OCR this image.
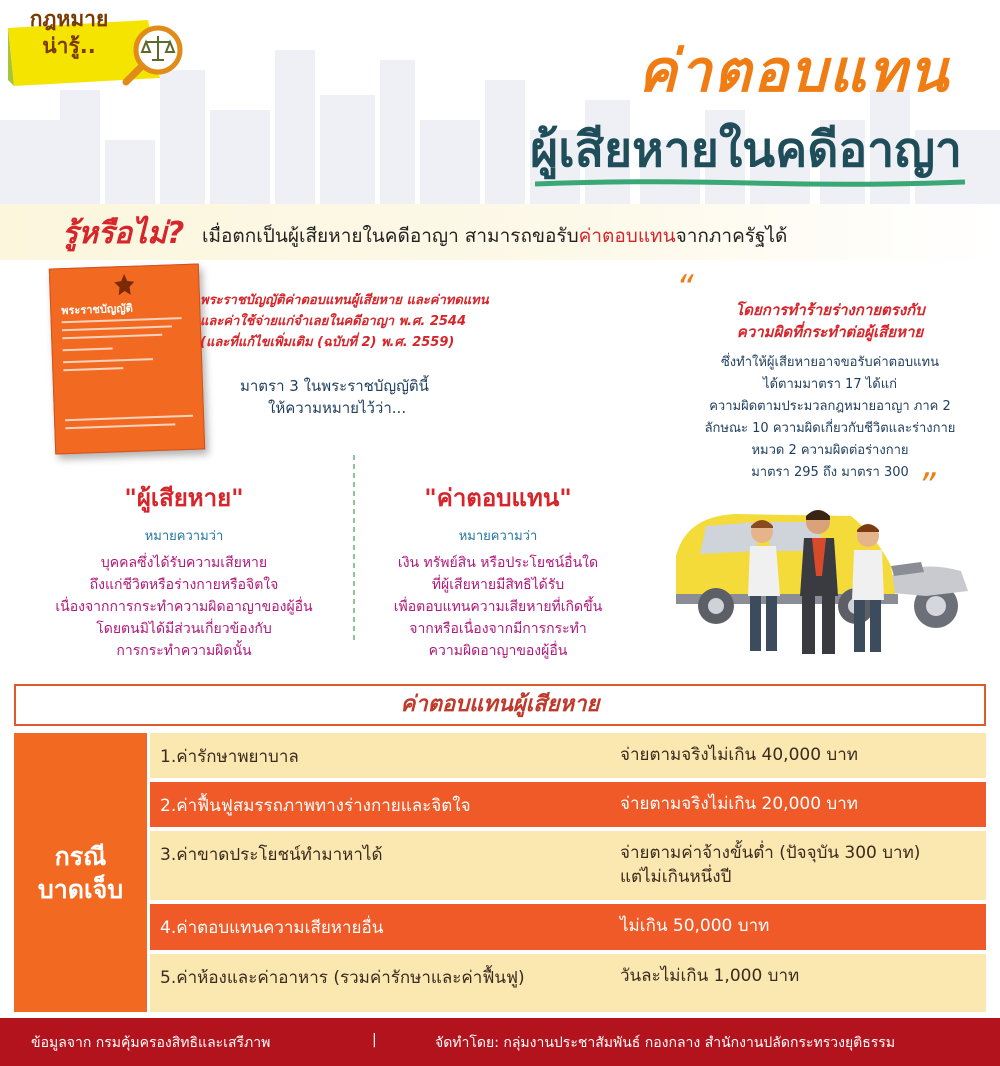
กฎหมาย
น่ารู้..	ค่าตอบแทน
ผู้เสียหายในคดีอาญา
รู้หรือไม่? เมื่อตกเป็นผู้เสียหายในคดีอาญา สามารถขอรับค่าตอบแทนจากภาครัฐได้
พระราชบัญญัติ
พระราชบัญญัติค่าตอบแทนผู้เสียหาย และค่าทดแทน
และค่าใช้จ่ายแก่จำเลยในคดีอาญา พ.ศ. 2544
(และที่แก้ไขเพิ่มเติม (ฉบับที่ 2) พ.ศ. 2559)
มาตรา 3 ในพระราชบัญญัตินี้
ให้ความหมายไว้ว่า...
“
โดยการทำร้ายร่างกายตรงกับ
ความผิดที่กระทำต่อผู้เสียหาย
ซึ่งทำให้ผู้เสียหายอาจขอรับค่าตอบแทน
ได้ตามมาตรา 17 ได้แก่
ความผิดตามประมวลกฎหมายอาญา ภาค 2
ลักษณะ 10 ความผิดเกี่ยวกับชีวิตและร่างกาย
หมวด 2 ความผิดต่อร่างกาย
มาตรา 295 ถึง มาตรา 300 ”
"ผู้เสียหาย"
หมายความว่า
บุคคลซึ่งได้รับความเสียหาย
ถึงแก่ชีวิตหรือร่างกายหรือจิตใจ
เนื่องจากการกระทำความผิดอาญาของผู้อื่น
โดยตนมิได้มีส่วนเกี่ยวข้องกับ
การกระทำความผิดนั้น
"ค่าตอบแทน"
หมายความว่า
เงิน ทรัพย์สิน หรือประโยชน์อื่นใด
ที่ผู้เสียหายมีสิทธิได้รับ
เพื่อตอบแทนความเสียหายที่เกิดขึ้น
จากหรือเนื่องจากมีการกระทำ
ความผิดอาญาของผู้อื่น
ค่าตอบแทนผู้เสียหาย
กรณี
บาดเจ็บ
1.ค่ารักษาพยาบาล	จ่ายตามจริงไม่เกิน 40,000 บาท
2.ค่าฟื้นฟูสมรรถภาพทางร่างกายและจิตใจ	จ่ายตามจริงไม่เกิน 20,000 บาท
3.ค่าขาดประโยชน์ทำมาหาได้	จ่ายตามค่าจ้างขั้นต่ำ (ปัจจุบัน 300 บาท)
แต่ไม่เกินหนึ่งปี
4.ค่าตอบแทนความเสียหายอื่น	ไม่เกิน 50,000 บาท
5.ค่าห้องและค่าอาหาร (รวมค่ารักษาและค่าฟื้นฟู)	วันละไม่เกิน 1,000 บาท
ข้อมูลจาก กรมคุ้มครองสิทธิและเสรีภาพ	|	จัดทำโดย: กลุ่มงานประชาสัมพันธ์ กองกลาง สำนักงานปลัดกระทรวงยุติธรรม
